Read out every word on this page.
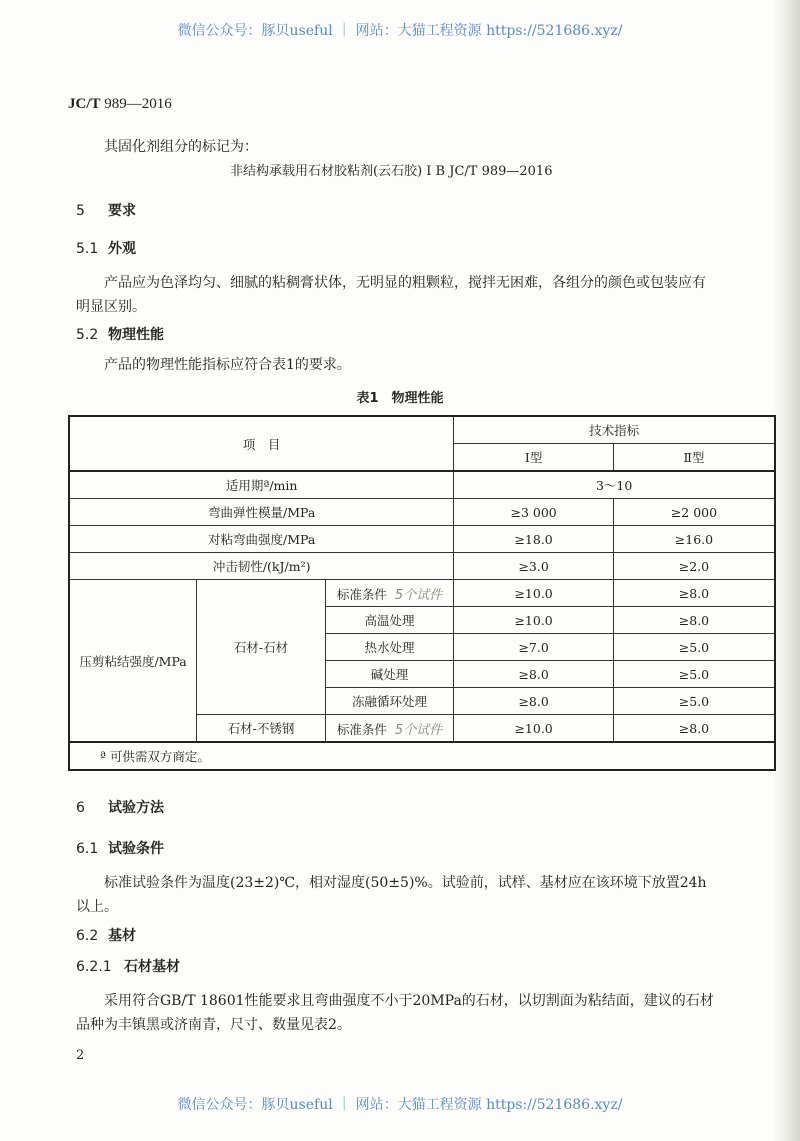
微信公众号：豚贝useful ｜ 网站：大猫工程资源 https://521686.xyz/
JC/T 989—2016
其固化剂组分的标记为：
非结构承载用石材胶粘剂(云石胶) Ⅰ B JC/T 989—2016
5 要求
5.1 外观
产品应为色泽均匀、细腻的粘稠膏状体，无明显的粗颗粒，搅拌无困难，各组分的颜色或包装应有
明显区别。
5.2 物理性能
产品的物理性能指标应符合表1的要求。
表1　物理性能
项　目			技术指标	
			Ⅰ型	Ⅱ型
适用期ª/min			3～10	
弯曲弹性模量/MPa			≥3 000	≥2 000
对粘弯曲强度/MPa			≥18.0	≥16.0
冲击韧性/(kJ/m²)			≥3.0	≥2.0
压剪粘结强度/MPa	石材-石材	标准条件 5个试件	≥10.0	≥8.0
		高温处理	≥10.0	≥8.0
		热水处理	≥7.0	≥5.0
		碱处理	≥8.0	≥5.0
		冻融循环处理	≥8.0	≥5.0
	石材-不锈钢	标准条件 5个试件	≥10.0	≥8.0
ª 可供需双方商定。				
6 试验方法
6.1 试验条件
标准试验条件为温度(23±2)℃，相对湿度(50±5)%。试验前，试样、基材应在该环境下放置24h
以上。
6.2 基材
6.2.1 石材基材
采用符合GB/T 18601性能要求且弯曲强度不小于20MPa的石材，以切割面为粘结面，建议的石材
品种为丰镇黑或济南青，尺寸、数量见表2。
2
微信公众号：豚贝useful ｜ 网站：大猫工程资源 https://521686.xyz/
